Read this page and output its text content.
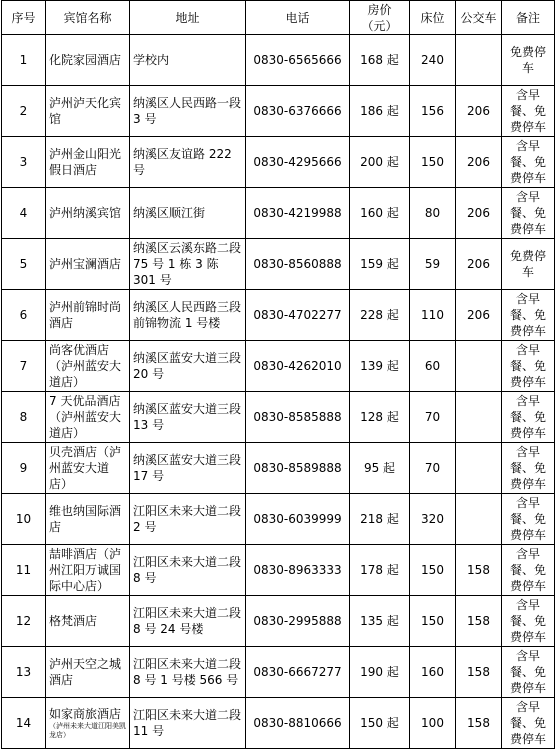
序号	宾馆名称	地址	电话	房价（元）	床位	公交车	备注
1	化院家园酒店	学校内	0830-6565666	168 起	240		免费停车
2	泸州泸天化宾馆	纳溪区人民西路一段 3 号	0830-6376666	186 起	156	206	含早餐、免费停车
3	泸州金山阳光假日酒店	纳溪区友谊路 222 号	0830-4295666	200 起	150	206	含早餐、免费停车
4	泸州纳溪宾馆	纳溪区顺江街	0830-4219988	160 起	80	206	含早餐、免费停车
5	泸州宝澜酒店	纳溪区云溪东路二段 75 号 1 栋 3 陈 301 号	0830-8560888	159 起	59	206	免费停车
6	泸州前锦时尚酒店	纳溪区人民西路三段前锦物流 1 号楼	0830-4702277	228 起	110	206	含早餐、免费停车
7	尚客优酒店（泸州蓝安大道店）	纳溪区蓝安大道三段 20 号	0830-4262010	139 起	60		含早餐、免费停车
8	7 天优品酒店（泸州蓝安大道店）	纳溪区蓝安大道三段 13 号	0830-8585888	128 起	70		含早餐、免费停车
9	贝壳酒店（泸州蓝安大道店）	纳溪区蓝安大道三段 17 号	0830-8589888	95 起	70		含早餐、免费停车
10	维也纳国际酒店	江阳区未来大道二段 2 号	0830-6039999	218 起	320		含早餐、免费停车
11	喆啡酒店（泸州江阳万诚国际中心店）	江阳区未来大道二段 8 号	0830-8963333	178 起	150	158	含早餐、免费停车
12	格梵酒店	江阳区未来大道二段 8 号 24 号楼	0830-2995888	135 起	150	158	含早餐、免费停车
13	泸州天空之城酒店	江阳区未来大道二段 8 号 1 号楼 566 号	0830-6667277	190 起	160	158	含早餐、免费停车
14	如家商旅酒店（泸州未来大道江阳美凯龙店）	江阳区未来大道二段 11 号	0830-8810666	150 起	100	158	含早餐、免费停车
